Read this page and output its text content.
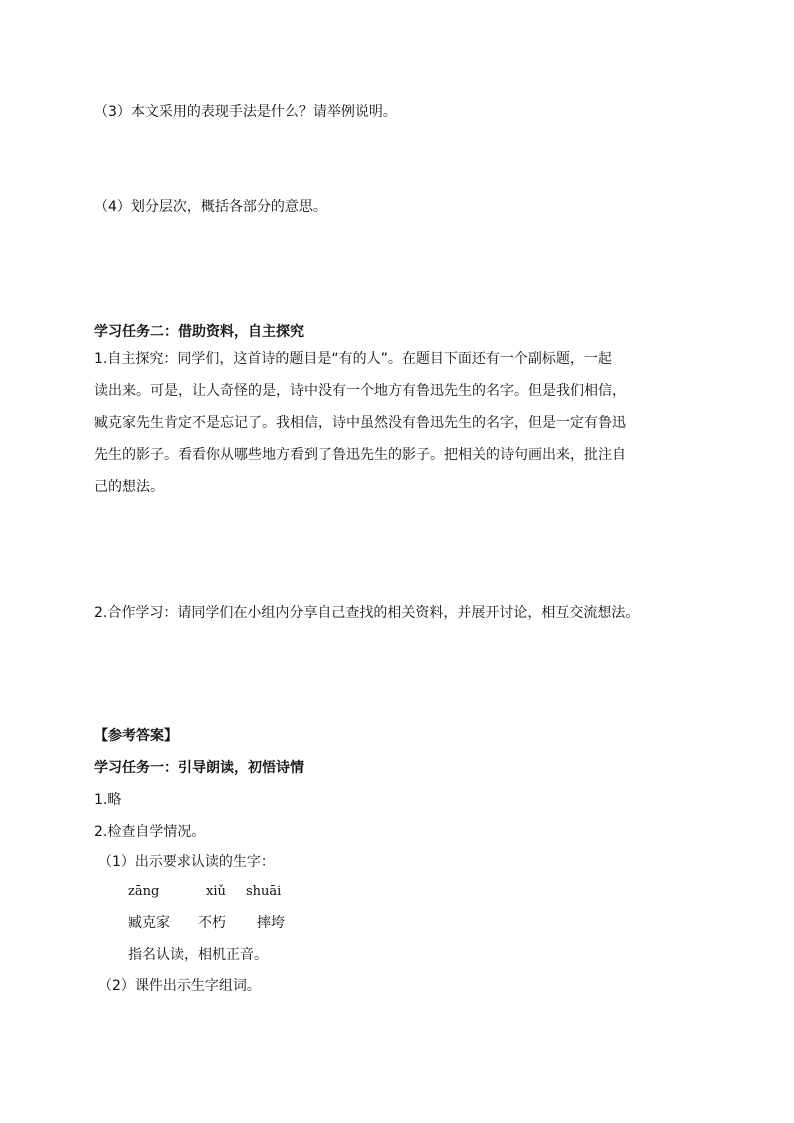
（3）本文采用的表现手法是什么？请举例说明。
（4）划分层次，概括各部分的意思。
学习任务二：借助资料，自主探究
1.自主探究：同学们，这首诗的题目是“有的人”。在题目下面还有一个副标题，一起
读出来。可是，让人奇怪的是，诗中没有一个地方有鲁迅先生的名字。但是我们相信，
臧克家先生肯定不是忘记了。我相信，诗中虽然没有鲁迅先生的名字，但是一定有鲁迅
先生的影子。看看你从哪些地方看到了鲁迅先生的影子。把相关的诗句画出来，批注自
己的想法。
2.合作学习：请同学们在小组内分享自己查找的相关资料，并展开讨论，相互交流想法。
【参考答案】
学习任务一：引导朗读，初悟诗情
1.略
2.检查自学情况。
（1）出示要求认读的生字：
zāng	xiǔ shuāi
臧克家 不朽 摔垮
指名认读，相机正音。
（2）课件出示生字组词。
